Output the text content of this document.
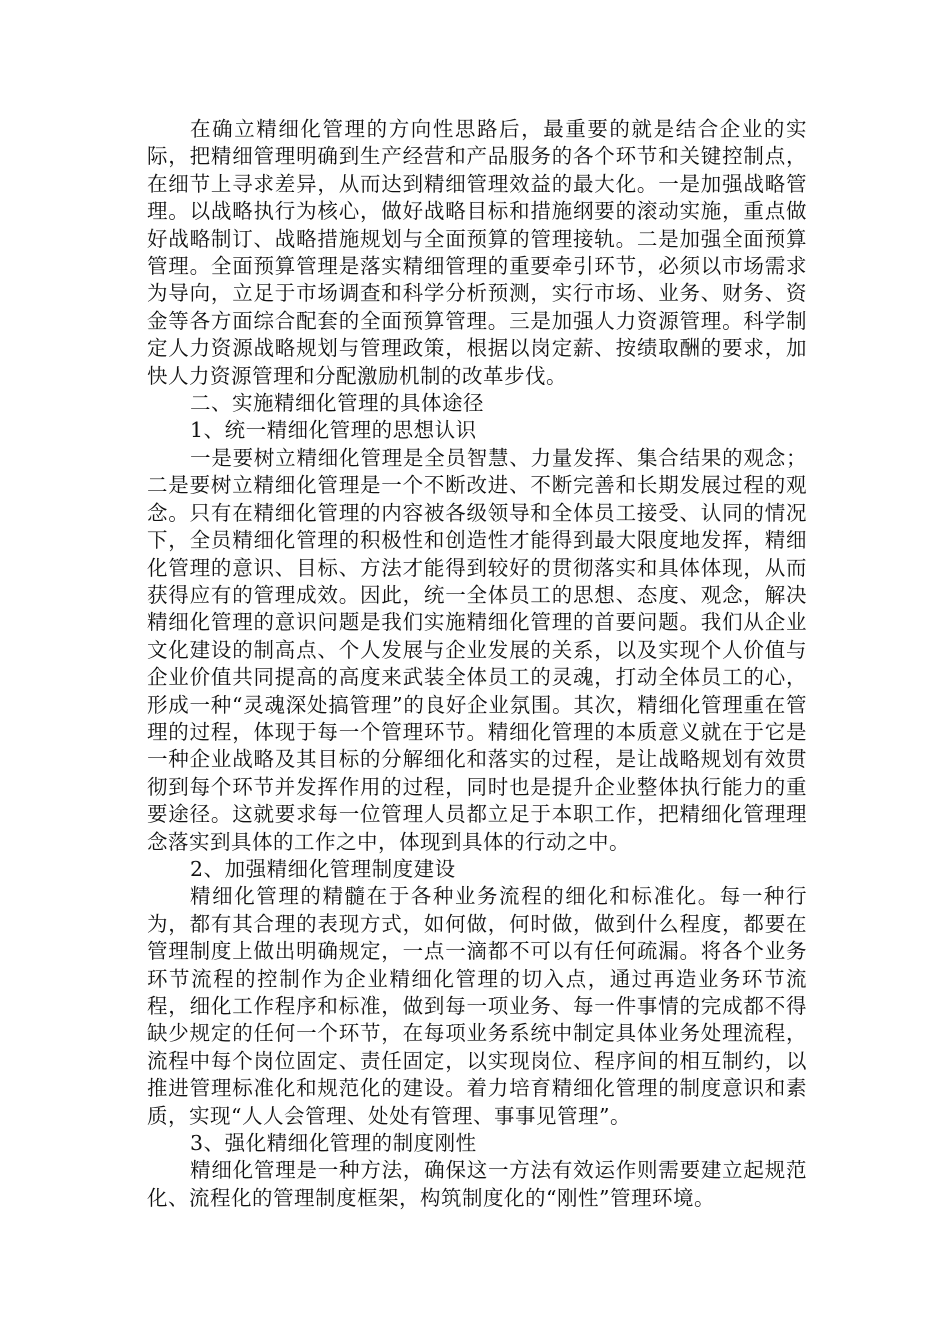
在确立精细化管理的方向性思路后，最重要的就是结合企业的实际，把精细管理明确到生产经营和产品服务的各个环节和关键控制点，在细节上寻求差异，从而达到精细管理效益的最大化。一是加强战略管理。以战略执行为核心，做好战略目标和措施纲要的滚动实施，重点做好战略制订、战略措施规划与全面预算的管理接轨。二是加强全面预算管理。全面预算管理是落实精细管理的重要牵引环节，必须以市场需求为导向，立足于市场调查和科学分析预测，实行市场、业务、财务、资金等各方面综合配套的全面预算管理。三是加强人力资源管理。科学制定人力资源战略规划与管理政策，根据以岗定薪、按绩取酬的要求，加快人力资源管理和分配激励机制的改革步伐。

二、实施精细化管理的具体途径

1、统一精细化管理的思想认识

一是要树立精细化管理是全员智慧、力量发挥、集合结果的观念；二是要树立精细化管理是一个不断改进、不断完善和长期发展过程的观念。只有在精细化管理的内容被各级领导和全体员工接受、认同的情况下，全员精细化管理的积极性和创造性才能得到最大限度地发挥，精细化管理的意识、目标、方法才能得到较好的贯彻落实和具体体现，从而获得应有的管理成效。因此，统一全体员工的思想、态度、观念，解决精细化管理的意识问题是我们实施精细化管理的首要问题。我们从企业文化建设的制高点、个人发展与企业发展的关系，以及实现个人价值与企业价值共同提高的高度来武装全体员工的灵魂，打动全体员工的心，形成一种“灵魂深处搞管理”的良好企业氛围。其次，精细化管理重在管理的过程，体现于每一个管理环节。精细化管理的本质意义就在于它是一种企业战略及其目标的分解细化和落实的过程，是让战略规划有效贯彻到每个环节并发挥作用的过程，同时也是提升企业整体执行能力的重要途径。这就要求每一位管理人员都立足于本职工作，把精细化管理理念落实到具体的工作之中，体现到具体的行动之中。

2、加强精细化管理制度建设

精细化管理的精髓在于各种业务流程的细化和标准化。每一种行为，都有其合理的表现方式，如何做，何时做，做到什么程度，都要在管理制度上做出明确规定，一点一滴都不可以有任何疏漏。将各个业务环节流程的控制作为企业精细化管理的切入点，通过再造业务环节流程，细化工作程序和标准，做到每一项业务、每一件事情的完成都不得缺少规定的任何一个环节，在每项业务系统中制定具体业务处理流程，流程中每个岗位固定、责任固定，以实现岗位、程序间的相互制约，以推进管理标准化和规范化的建设。着力培育精细化管理的制度意识和素质，实现“人人会管理、处处有管理、事事见管理”。

3、强化精细化管理的制度刚性

精细化管理是一种方法，确保这一方法有效运作则需要建立起规范化、流程化的管理制度框架，构筑制度化的“刚性”管理环境。
